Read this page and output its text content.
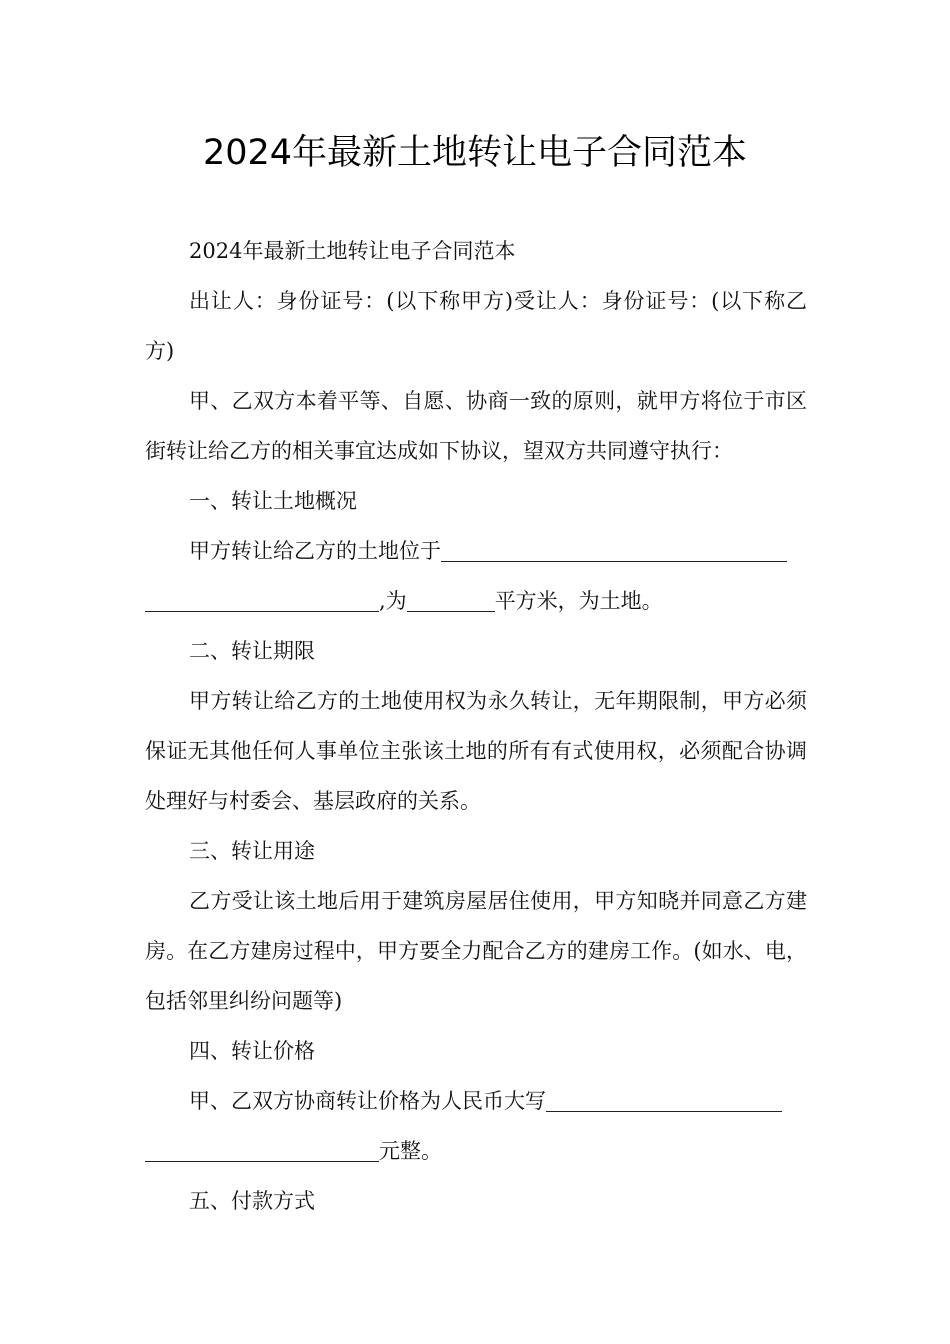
2024年最新土地转让电子合同范本

2024年最新土地转让电子合同范本

出让人：身份证号：(以下称甲方)受让人：身份证号：(以下称乙方)

甲、乙双方本着平等、自愿、协商一致的原则，就甲方将位于市区街转让给乙方的相关事宜达成如下协议，望双方共同遵守执行：

一、转让土地概况

甲方转让给乙方的土地位于
,为	平方米，为土地。

二、转让期限

甲方转让给乙方的土地使用权为永久转让，无年期限制，甲方必须保证无其他任何人事单位主张该土地的所有有式使用权，必须配合协调处理好与村委会、基层政府的关系。

三、转让用途

乙方受让该土地后用于建筑房屋居住使用，甲方知晓并同意乙方建房。在乙方建房过程中，甲方要全力配合乙方的建房工作。(如水、电，包括邻里纠纷问题等)

四、转让价格

甲、乙双方协商转让价格为人民币大写
元整。

五、付款方式
